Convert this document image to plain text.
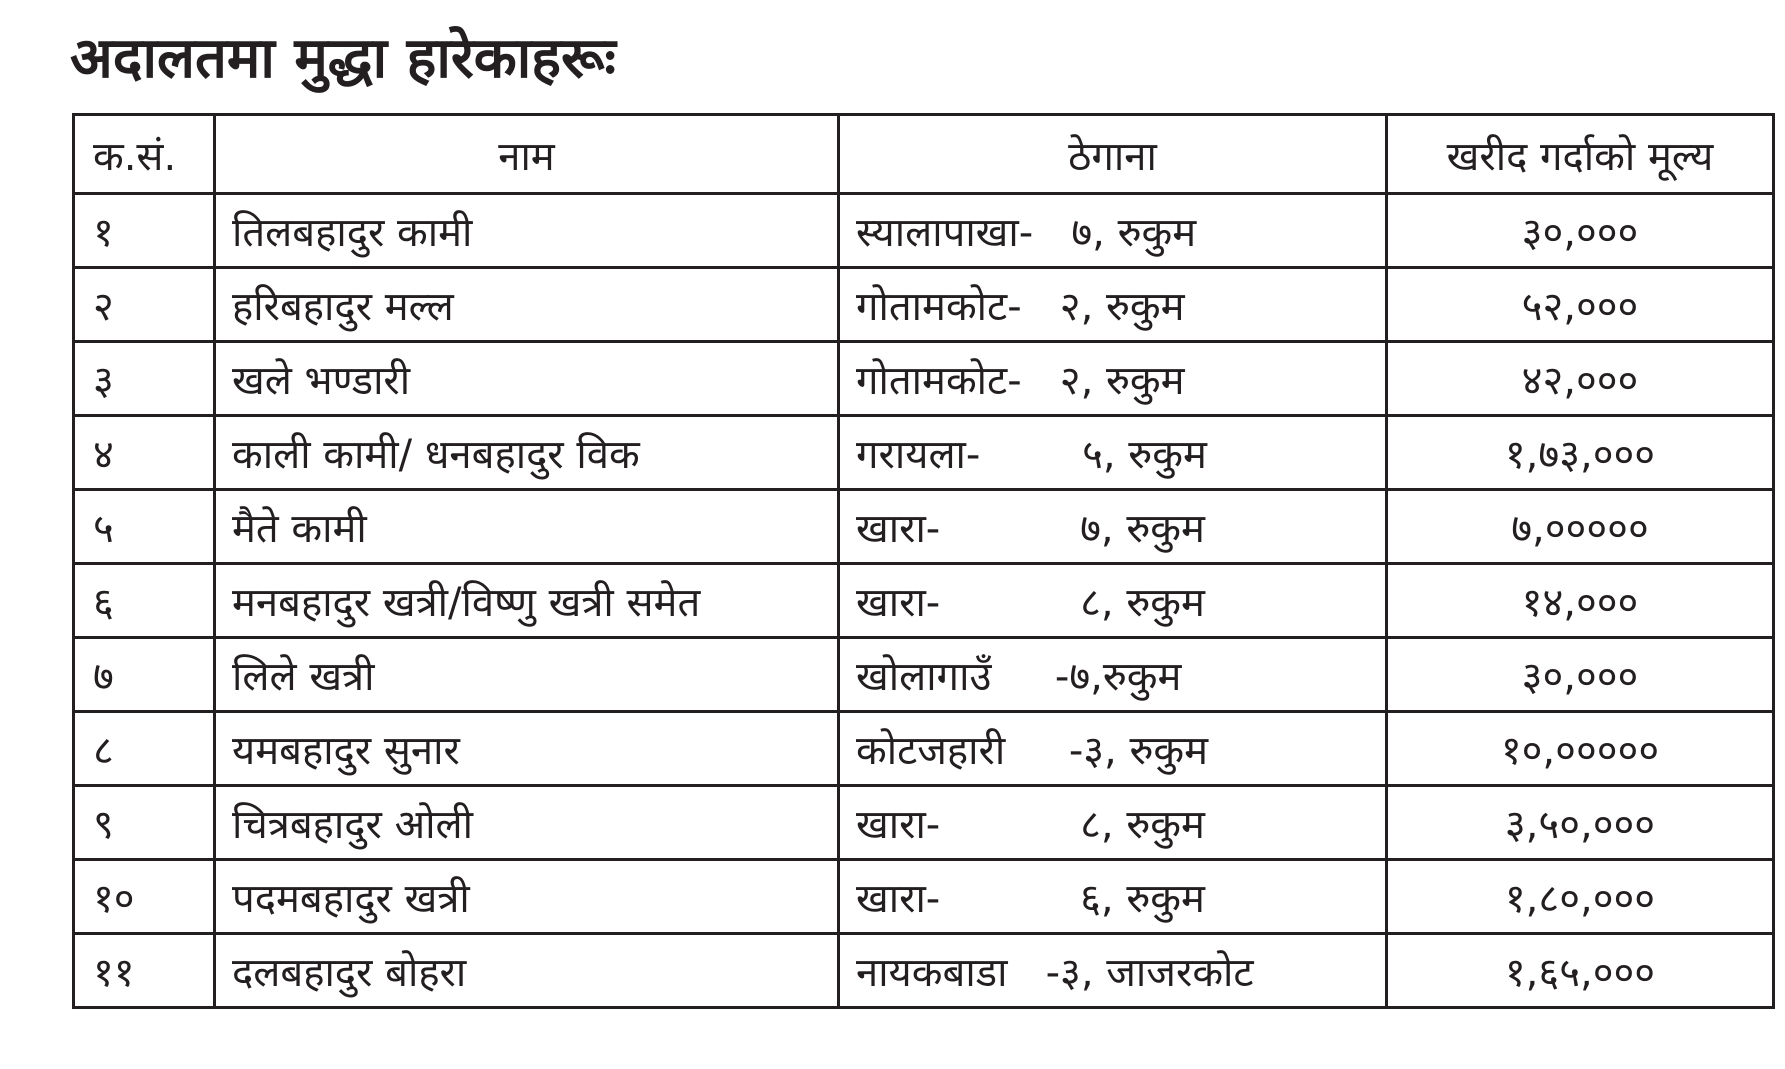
अदालतमा मुद्धा हारेकाहरूः
क.सं.	नाम	ठेगाना	खरीद गर्दाको मूल्य
१	तिलबहादुर कामी	स्यालापाखा-   ७, रुकुम	३०,०००
२	हरिबहादुर मल्ल	गोतामकोट-   २, रुकुम	५२,०००
३	खले भण्डारी	गोतामकोट-   २, रुकुम	४२,०००
४	काली कामी/ धनबहादुर विक	गरायला-        ५, रुकुम	१,७३,०००
५	मैते कामी	खारा-           ७, रुकुम	७,०००००
६	मनबहादुर खत्री/विष्णु खत्री समेत	खारा-           ८, रुकुम	१४,०००
७	लिले खत्री	खोलागाउँ     -७,रुकुम	३०,०००
८	यमबहादुर सुनार	कोटजहारी     -३, रुकुम	१०,०००००
९	चित्रबहादुर ओली	खारा-           ८, रुकुम	३,५०,०००
१०	पदमबहादुर खत्री	खारा-           ६, रुकुम	१,८०,०००
११	दलबहादुर बोहरा	नायकबाडा   -३, जाजरकोट	१,६५,०००
